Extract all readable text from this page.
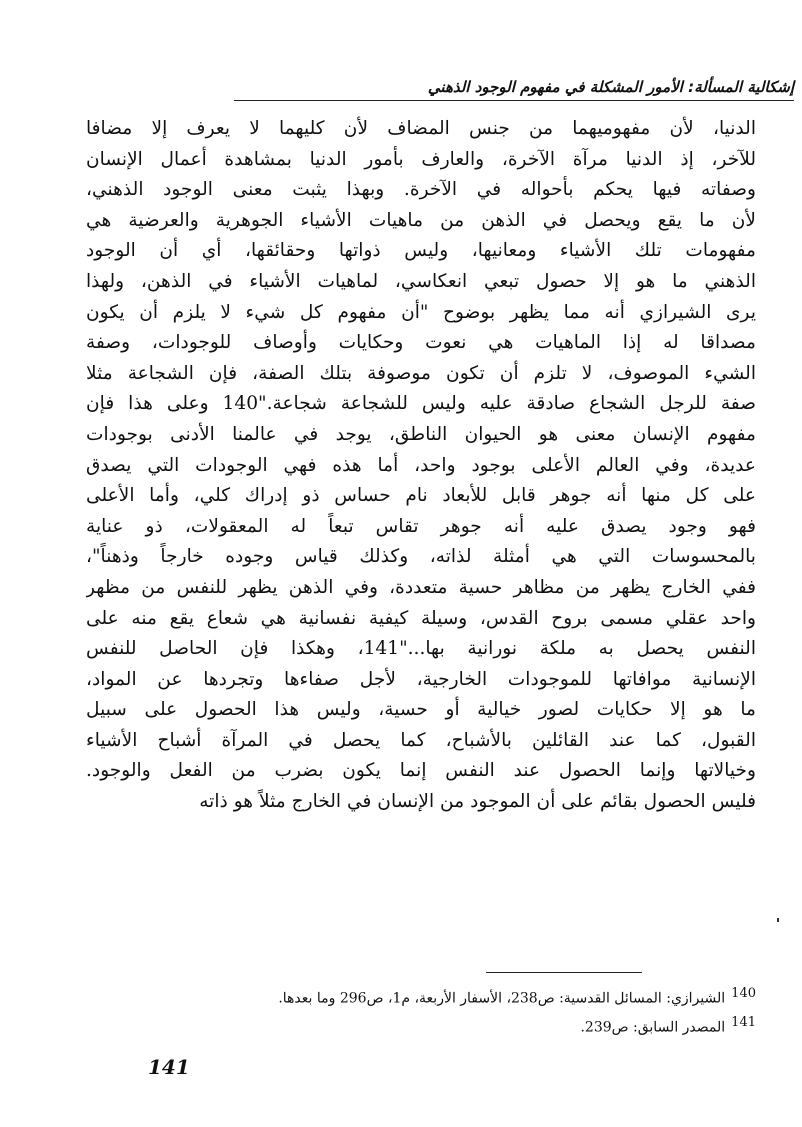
إشكالية المسألة: الأمور المشكلة في مفهوم الوجود الذهني
الدنيا، لأن مفهوميهما من جنس المضاف لأن كليهما لا يعرف إلا مضافا
للآخر، إذ الدنيا مرآة الآخرة، والعارف بأمور الدنيا بمشاهدة أعمال الإنسان
وصفاته فيها يحكم بأحواله في الآخرة. وبهذا يثبت معنى الوجود الذهني،
لأن ما يقع ويحصل في الذهن من ماهيات الأشياء الجوهرية والعرضية هي
مفهومات تلك الأشياء ومعانيها، وليس ذواتها وحقائقها، أي أن الوجود
الذهني ما هو إلا حصول تبعي انعكاسي، لماهيات الأشياء في الذهن، ولهذا
يرى الشيرازي أنه مما يظهر بوضوح "أن مفهوم كل شيء لا يلزم أن يكون
مصداقا له إذا الماهيات هي نعوت وحكايات وأوصاف للوجودات، وصفة
الشيء الموصوف، لا تلزم أن تكون موصوفة بتلك الصفة، فإن الشجاعة مثلا
صفة للرجل الشجاع صادقة عليه وليس للشجاعة شجاعة."140 وعلى هذا فإن
مفهوم الإنسان معنى هو الحيوان الناطق، يوجد في عالمنا الأدنى بوجودات
عديدة، وفي العالم الأعلى بوجود واحد، أما هذه فهي الوجودات التي يصدق
على كل منها أنه جوهر قابل للأبعاد نام حساس ذو إدراك كلي، وأما الأعلى
فهو وجود يصدق عليه أنه جوهر تقاس تبعاً له المعقولات، ذو عناية
بالمحسوسات التي هي أمثلة لذاته، وكذلك قياس وجوده خارجاً وذهناً"،
ففي الخارج يظهر من مظاهر حسية متعددة، وفي الذهن يظهر للنفس من مظهر
واحد عقلي مسمى بروح القدس، وسيلة كيفية نفسانية هي شعاع يقع منه على
النفس يحصل به ملكة نورانية بها..."141، وهكذا فإن الحاصل للنفس
الإنسانية موافاتها للموجودات الخارجية، لأجل صفاءها وتجردها عن المواد،
ما هو إلا حكايات لصور خيالية أو حسية، وليس هذا الحصول على سبيل
القبول، كما عند القائلين بالأشباح، كما يحصل في المرآة أشباح الأشياء
وخيالاتها وإنما الحصول عند النفس إنما يكون بضرب من الفعل والوجود.
فليس الحصول بقائم على أن الموجود من الإنسان في الخارج مثلاً هو ذاته
140الشيرازي: المسائل القدسية: ص238، الأسفار الأربعة، م1، ص296 وما بعدها.
141المصدر السابق: ص239.
141
